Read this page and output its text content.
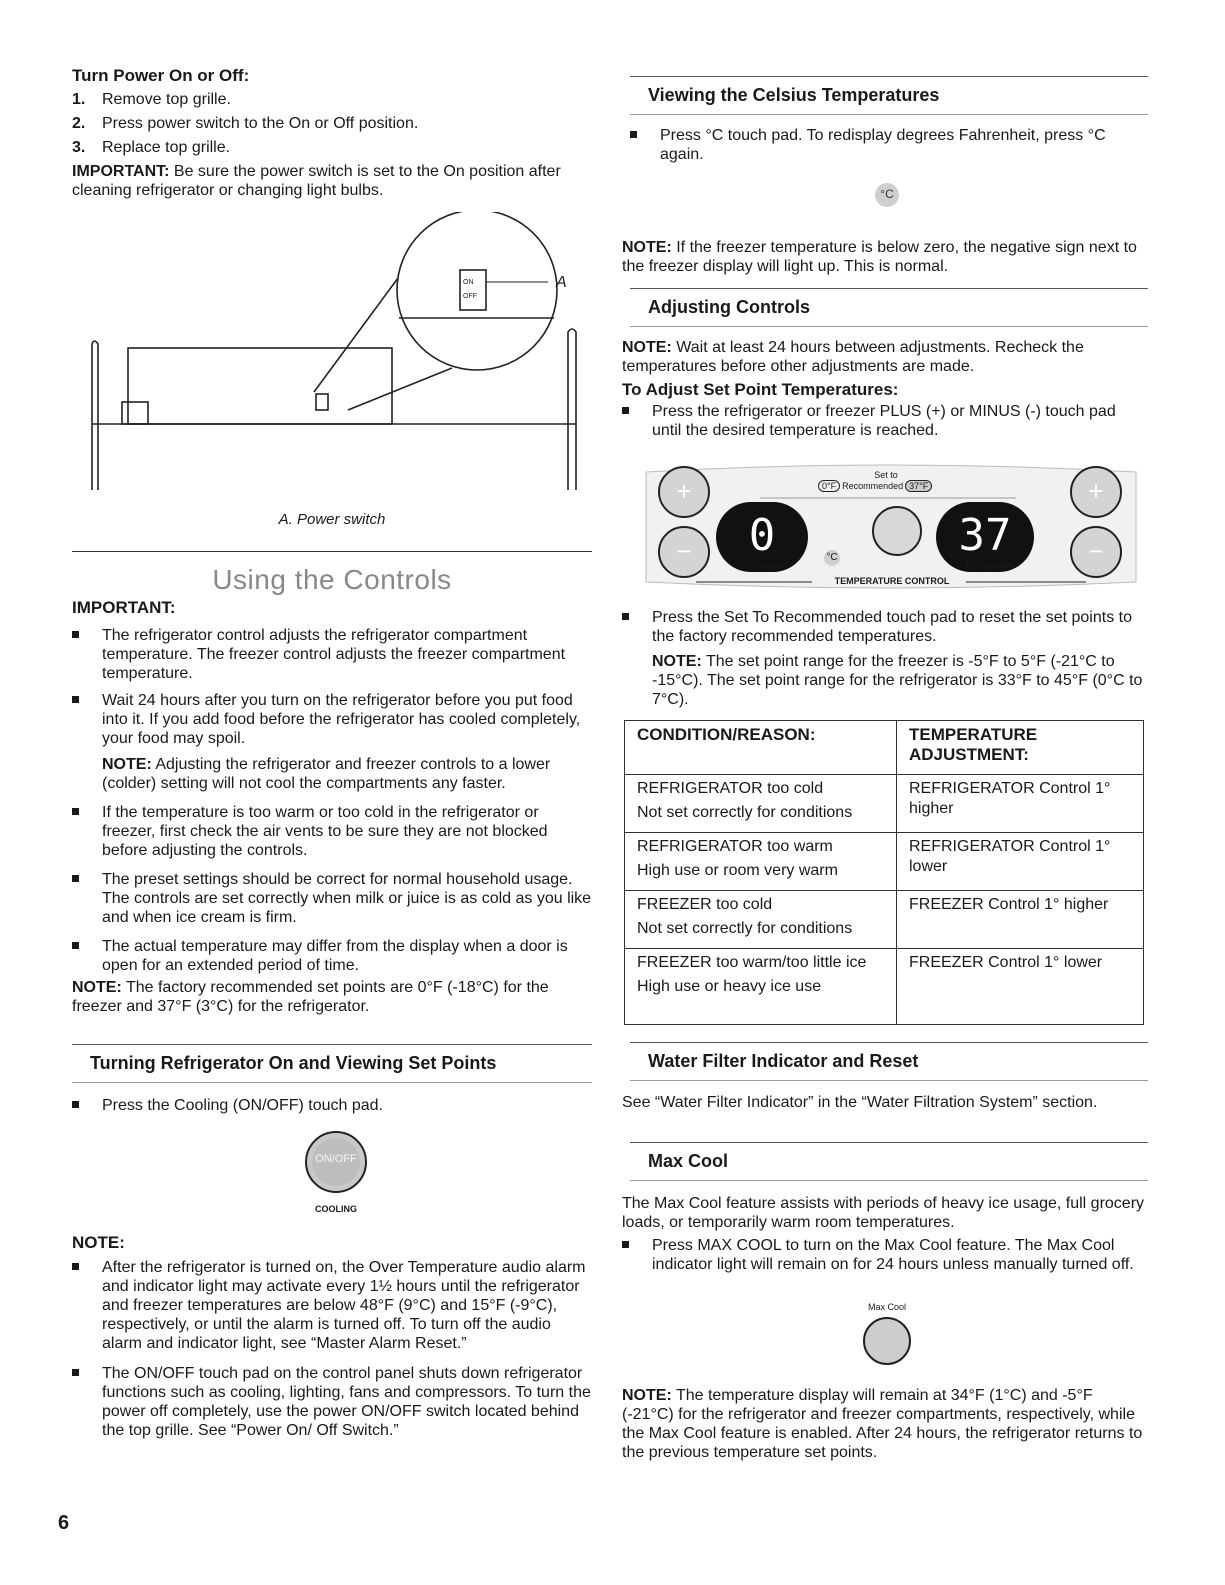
Turn Power On or Off:
1. Remove top grille.
2. Press power switch to the On or Off position.
3. Replace top grille.

IMPORTANT: Be sure the power switch is set to the On position after cleaning refrigerator or changing light bulbs.

ON
OFF
A
A. Power switch
Using the Controls
IMPORTANT:
The refrigerator control adjusts the refrigerator compartment temperature. The freezer control adjusts the freezer compartment temperature.
Wait 24 hours after you turn on the refrigerator before you put food into it. If you add food before the refrigerator has cooled completely, your food may spoil.

NOTE: Adjusting the refrigerator and freezer controls to a lower (colder) setting will not cool the compartments any faster.

If the temperature is too warm or too cold in the refrigerator or freezer, first check the air vents to be sure they are not blocked before adjusting the controls.
The preset settings should be correct for normal household usage. The controls are set correctly when milk or juice is as cold as you like and when ice cream is firm.
The actual temperature may differ from the display when a door is open for an extended period of time.

NOTE: The factory recommended set points are 0°F (-18°C) for the freezer and 37°F (3°C) for the refrigerator.

Turning Refrigerator On and Viewing Set Points
Press the Cooling (ON/OFF) touch pad.
ON/OFF
COOLING
NOTE:
After the refrigerator is turned on, the Over Temperature audio alarm and indicator light may activate every 1½ hours until the refrigerator and freezer temperatures are below 48°F (9°C) and 15°F (-9°C), respectively, or until the alarm is turned off. To turn off the audio alarm and indicator light, see “Master Alarm Reset.”
The ON/OFF touch pad on the control panel shuts down refrigerator functions such as cooling, lighting, fans and compressors. To turn the power off completely, use the power ON/OFF switch located behind the top grille. See “Power On/ Off Switch.”
6
Viewing the Celsius Temperatures
Press °C touch pad. To redisplay degrees Fahrenheit, press °C again.
°C

NOTE: If the freezer temperature is below zero, the negative sign next to the freezer display will light up. This is normal.

Adjusting Controls

NOTE: Wait at least 24 hours between adjustments. Recheck the temperatures before other adjustments are made.

To Adjust Set Point Temperatures:
Press the refrigerator or freezer PLUS (+) or MINUS (-) touch pad until the desired temperature is reached.
+
−	0
Set to
0°F Recommended 37°F
37
+
−
Freezer
°C
Refrigerator
TEMPERATURE CONTROL
Press the Set To Recommended touch pad to reset the set points to the factory recommended temperatures.

NOTE: The set point range for the freezer is -5°F to 5°F (-21°C to -15°C). The set point range for the refrigerator is 33°F to 45°F (0°C to 7°C).

CONDITION/REASON:	TEMPERATURE ADJUSTMENT:

REFRIGERATOR too cold
Not set correctly for conditions	REFRIGERATOR Control 1° higher

REFRIGERATOR too warm
High use or room very warm	REFRIGERATOR Control 1° lower

FREEZER too cold
Not set correctly for conditions	FREEZER Control 1° higher

FREEZER too warm/too little ice
High use or heavy ice use	FREEZER Control 1° lower
Water Filter Indicator and Reset

See “Water Filter Indicator” in the “Water Filtration System” section.

Max Cool

The Max Cool feature assists with periods of heavy ice usage, full grocery loads, or temporarily warm room temperatures.

Press MAX COOL to turn on the Max Cool feature. The Max Cool indicator light will remain on for 24 hours unless manually turned off.
Max Cool

NOTE: The temperature display will remain at 34°F (1°C) and -5°F (-21°C) for the refrigerator and freezer compartments, respectively, while the Max Cool feature is enabled. After 24 hours, the refrigerator returns to the previous temperature set points.
